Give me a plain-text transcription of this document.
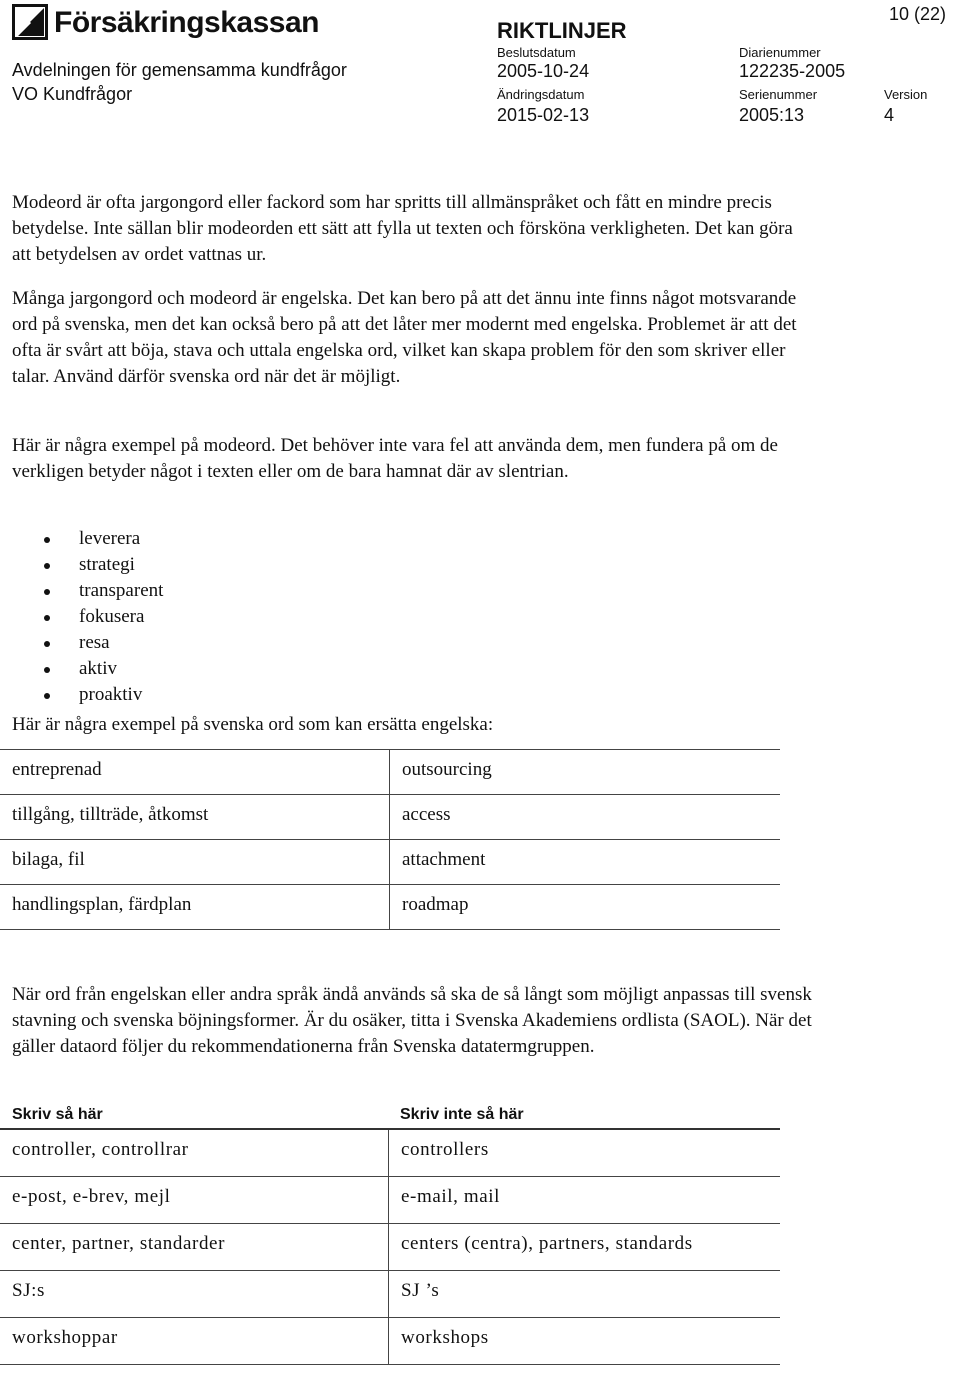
Försäkringskassan
Avdelningen för gemensamma kundfrågor
VO Kundfrågor
RIKTLINJER
10 (22)
Beslutsdatum
2005-10-24
Diarienummer
122235-2005
Ändringsdatum
2015-02-13
Serienummer
2005:13
Version
4

Modeord är ofta jargongord eller fackord som har spritts till allmänspråket och fått en mindre precis betydelse. Inte sällan blir modeorden ett sätt att fylla ut texten och försköna verkligheten. Det kan göra att betydelsen av ordet vattnas ur.

Många jargongord och modeord är engelska. Det kan bero på att det ännu inte finns något motsvarande ord på svenska, men det kan också bero på att det låter mer modernt med engelska. Problemet är att det ofta är svårt att böja, stava och uttala engelska ord, vilket kan skapa problem för den som skriver eller talar. Använd därför svenska ord när det är möjligt.

Här är några exempel på modeord. Det behöver inte vara fel att använda dem, men fundera på om de verkligen betyder något i texten eller om de bara hamnat där av slentrian.

leverera
strategi
transparent
fokusera
resa
aktiv
proaktiv

Här är några exempel på svenska ord som kan ersätta engelska:

entreprenad	outsourcing
tillgång, tillträde, åtkomst	access
bilaga, fil	attachment
handlingsplan, färdplan	roadmap

När ord från engelskan eller andra språk ändå används så ska de så långt som möjligt anpassas till svensk stavning och svenska böjningsformer. Är du osäker, titta i Svenska Akademiens ordlista (SAOL). När det gäller dataord följer du rekommendationerna från Svenska datatermgruppen.

Skriv så här	Skriv inte så här
controller, controllrar	controllers
e-post, e-brev, mejl	e-mail, mail
center, partner, standarder	centers (centra), partners, standards
SJ:s	SJ ’s
workshoppar	workshops
